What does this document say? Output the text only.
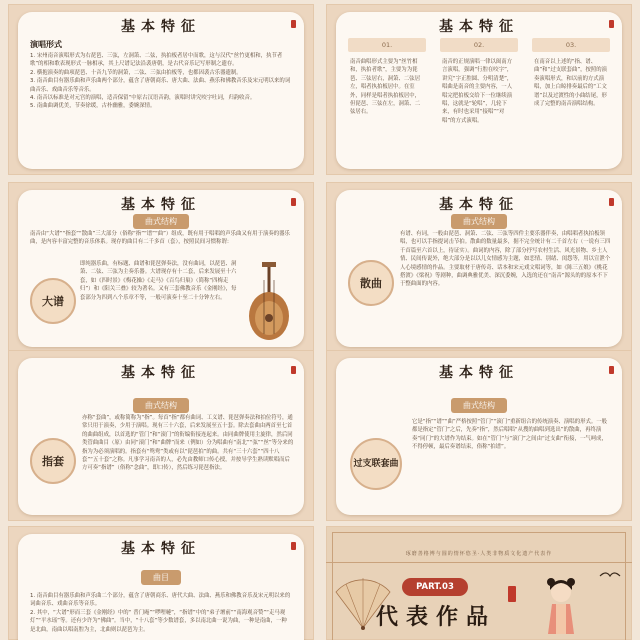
基本特征
演唱形式
1. 宋州南音演唱形式为右琵琶、三弦，左洞箫、二弦，执拍板者居中而歌，这与汉代“丝竹更相和，执节者歌”的相和歌表现形式一脉相承，其上尺谱记法沿袭唐朝，是古代音乐记写形制之遗存。
2. 横抱演奏的曲项琵琶、十音九节的洞箫，二弦、三弦由拍板等，也都因袭古乐器遗制。
3. 南音曲目有器乐曲和声乐曲两个部分，蕴含了唐朝商乐、唐大曲、法曲、燕乐和佛教音乐及宋元明以来的词曲音乐、戏曲音乐等音乐。
4. 南音以标准是对元宫的演唱，适音保留“中原古汉语音韵，演唱时讲究咬字吐词，归韵收音。
5. 南曲曲调优美，节奏徐缓，古朴幽雅，委婉深情。
基本特征
01.
南音曲唱形式主要为“丝竹相和，执拍者歌”，主要为为琵琶、三弦居右，洞箫、二弦居左，唱者执拍板居中。在室外，同样是唱者执拍板居中，但琵琶、三弦在左，洞箫、二弦居右。
02.
南音的正规演唱一律以闽南方言演唱，强调“行腔在咬字”，讲究“字正腔圆、分明清楚”，唱曲是南音的主要内容，一人唱完把拍板交给下一位继续演唱，这就是“轮唱”，几轮下来，有时也采用“接唱”“对唱”的方式演唱。
03.
在南音以上述的“指、谱、曲”和“过支联套曲”，按照的演奏演唱形式，和以前的方式演唱，加上白晾排奏最后的“工文谱”以及过渡性的小曲结尾，形成了完整的南音演唱结构。
基本特征
曲式结构
南音由“大谱”“指套”“散曲”三大部分（俗称“指”“谱”“曲”）组成，既有用于唱唱的声乐曲又有用于演奏的器乐曲，是内容丰富完整的音乐体系。现存的曲目有二千多首（套），按照民间习惯称谓：
大谱
即纯器乐曲，有标题、曲谱和琵琶弹奏法，没有曲词，以琵琶、洞箫、二弦、三弦为主奏乐器。大谱现存有十二套，后来发展至十六套，如《四时景》《梅花操》《走马》《百鸟归巢》（简称“四梅走归”）和《阳关三叠》较为著名。又有三套佛教音乐《金刚经》，每套部分为四到八个乐章不等，一般可演奏十至二十分钟左右。
基本特征
曲式结构
散曲
有谱、有词，一般由琵琶、洞箫、二弦、三弦等四件主要乐器伴奏，由唱唱者执拍板领唱，也可以手指提词击节拍。散曲的数量最多，据不完全统计有二千首左右（一说有三四千首篇至六首以上，待证实）。曲词的内容，除了部分抒写农村生活、风光景物、乡土人情、民间传说外，绝大部分是以以儿女情感为主题，如恋情、别绪、闺怨等，用以宣泄个人心境感情的作品。主要取材于唐传奇、话本和宋元戏文唱词等，如《陈三五娘》《桃花搭渡》《梁祝》等剧种，曲调典雅优美、深沉委婉，入选的还在“南音”源头的的原本不下于整曲面的内容。
基本特征
曲式结构
指套
亦称“套曲”，或称简称为“指”。每首“指”都有曲词、工义谱、琵琶弹奏法和拍位符号，通常只用于演奏，少用于演唱。现有三十六套，后来发展至五十套。除去套曲由两首至七首的曲曲组成，以首选的“管门”和“滚门”的衔编衔接连起来。由同曲牌使用主旋律，然后同类管曲曲目（原）由同“滚门”和“曲牌”而来（例如）分为唱曲有“南北”“弦”“丝”等分来的指为为必须演唱的。指套有“鸳鸯”类或有以“琵琶拍”的曲。共有“三十六套”“四十八套”“五十套”之称。凡事学习南音的人，必先由教师口传心授，并按导学生熟读默唱而后方可奏“指谱”（俗称“念曲”，即口传），然后练习琵琶指法。
基本特征
曲式结构
过支联套曲
它是“指”“谱”“曲”严格按照“管门”“滚门”重新组合的传统演奏、演唱的形式。一般都是指定“管门”之后，先奏“指”，然后唱唱“从搜的曲唱到选出”的散曲，再终演奏“同门”的大谱作为结束。如在“管门”与“滚门”之间由“过支曲”衔接，一气呵成，不得停顿，最后奏谱结束，俗称“拍谱”。
基本特征
曲目
1. 南音曲目有器乐曲和声乐曲二个部分，蕴含了唐朝商乐、唐代大曲、法曲、燕乐和佛教音乐及宋元明以来的词曲音乐、戏曲音乐等音乐。
2. 其中，“大谱”形而三套《金刚经》中的“ 普门庵”“啰哩嗹”，“指谱”中的“弟子壇前”“南海观音赞”“走马观灯”“平水瑶”等。还有少许为“佛曲”。当中，“十八套”等少数谱套，多以南北曲一说为曲，一种是南曲，一种是北曲，南曲以唱南腔为主，北曲则以琵琶为主。
琢磨善格博与圆的情怀悠圣·人类非物质文化遗产代表作
PART.03
代表作品
